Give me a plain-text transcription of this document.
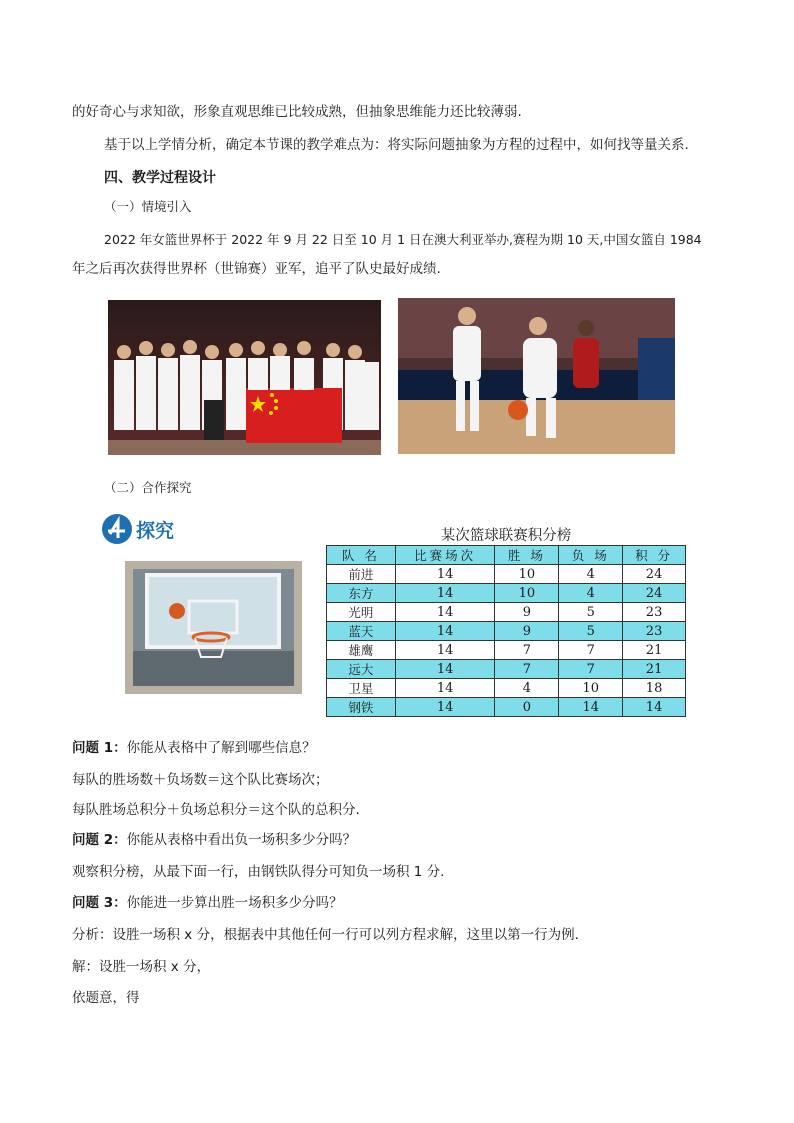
的好奇心与求知欲，形象直观思维已比较成熟，但抽象思维能力还比较薄弱.
基于以上学情分析，确定本节课的教学难点为：将实际问题抽象为方程的过程中，如何找等量关系.
四、教学过程设计
（一）情境引入
2022 年女篮世界杯于 2022 年 9 月 22 日至 10 月 1 日在澳大利亚举办,赛程为期 10 天,中国女篮自 1984
年之后再次获得世界杯（世锦赛）亚军，追平了队史最好成绩.
（二）合作探究
探究	某次篮球联赛积分榜
队 名	比赛场次	胜 场	负 场	积 分
前进	14	10	4	24
东方	14	10	4	24
光明	14	9	5	23
蓝天	14	9	5	23
雄鹰	14	7	7	21
远大	14	7	7	21
卫星	14	4	10	18
钢铁	14	0	14	14
问题 1：你能从表格中了解到哪些信息？
每队的胜场数＋负场数＝这个队比赛场次；
每队胜场总积分＋负场总积分＝这个队的总积分.
问题 2：你能从表格中看出负一场积多少分吗？
观察积分榜，从最下面一行，由钢铁队得分可知负一场积 1 分.
问题 3：你能进一步算出胜一场积多少分吗？
分析：设胜一场积 x 分，根据表中其他任何一行可以列方程求解，这里以第一行为例.
解：设胜一场积 x 分，
依题意，得
